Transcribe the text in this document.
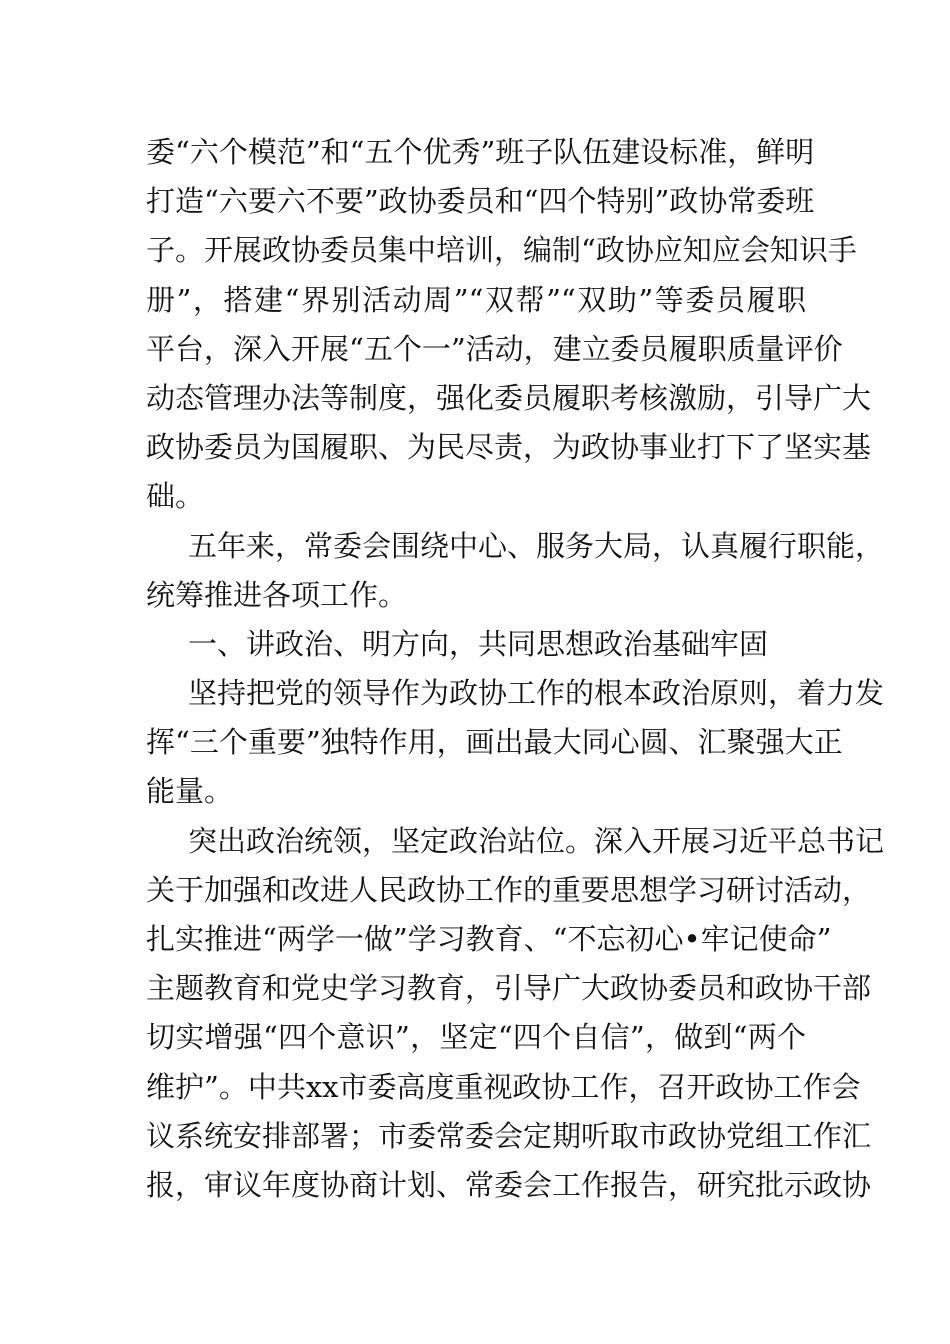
委“六个模范”和“五个优秀”班子队伍建设标准，鲜明
打造“六要六不要”政协委员和“四个特别”政协常委班
子。开展政协委员集中培训，编制“政协应知应会知识手
册”，搭建“界别活动周”“双帮”“双助”等委员履职
平台，深入开展“五个一”活动，建立委员履职质量评价
动态管理办法等制度，强化委员履职考核激励，引导广大
政协委员为国履职、为民尽责，为政协事业打下了坚实基
础。
五年来，常委会围绕中心、服务大局，认真履行职能，
统筹推进各项工作。
一、讲政治、明方向，共同思想政治基础牢固
坚持把党的领导作为政协工作的根本政治原则，着力发
挥“三个重要”独特作用，画出最大同心圆、汇聚强大正
能量。
突出政治统领，坚定政治站位。深入开展习近平总书记
关于加强和改进人民政协工作的重要思想学习研讨活动，
扎实推进“两学一做”学习教育、“不忘初心•牢记使命”
主题教育和党史学习教育，引导广大政协委员和政协干部
切实增强“四个意识”，坚定“四个自信”，做到“两个
维护”。中共xx市委高度重视政协工作，召开政协工作会
议系统安排部署；市委常委会定期听取市政协党组工作汇
报，审议年度协商计划、常委会工作报告，研究批示政协
